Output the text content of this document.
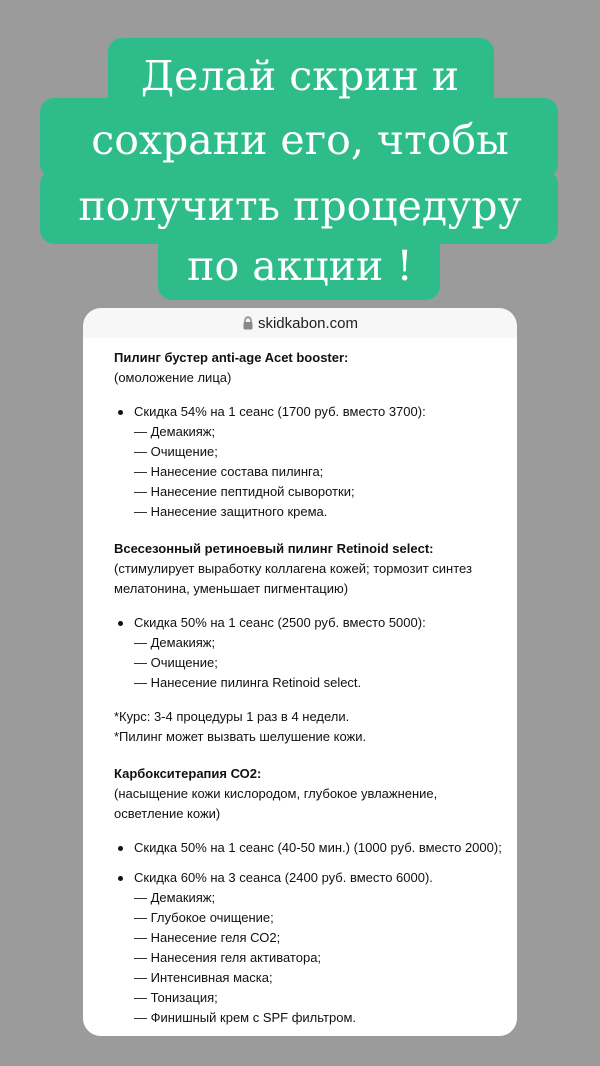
Делай скрин и
сохрани его, чтобы
получить процедуру
по акции !
skidkabon.com

Пилинг бустер anti-age Acet booster:

(омоложение лица)

Скидка 54% на 1 сеанс (1700 руб. вместо 3700):
— Демакияж;
— Очищение;
— Нанесение состава пилинга;
— Нанесение пептидной сыворотки;
— Нанесение защитного крема.

Всесезонный ретиноевый пилинг Retinoid select:

(стимулирует выработку коллагена кожей; тормозит синтез мелатонина, уменьшает пигментацию)

Скидка 50% на 1 сеанс (2500 руб. вместо 5000):
— Демакияж;
— Очищение;
— Нанесение пилинга Retinoid select.
*Курс: 3-4 процедуры 1 раз в 4 недели.
*Пилинг может вызвать шелушение кожи.

Карбокситерапия СО2:

(насыщение кожи кислородом, глубокое увлажнение, осветление кожи)

Скидка 50% на 1 сеанс (40-50 мин.) (1000 руб. вместо 2000);
Скидка 60% на 3 сеанса (2400 руб. вместо 6000).
— Демакияж;
— Глубокое очищение;
— Нанесение геля СО2;
— Нанесения геля активатора;
— Интенсивная маска;
— Тонизация;
— Финишный крем с SPF фильтром.
